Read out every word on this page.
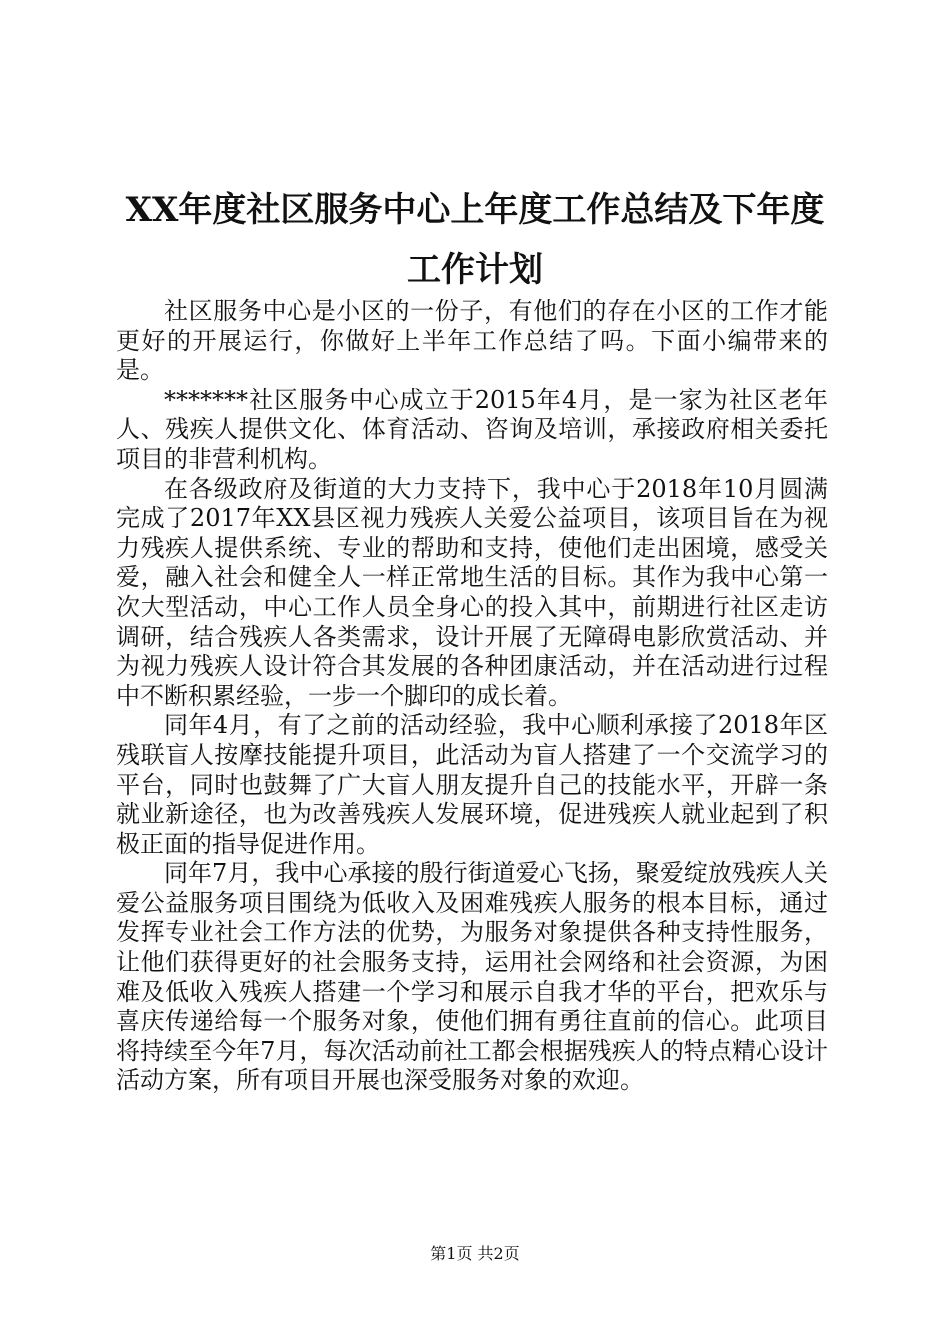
XX年度社区服务中心上年度工作总结及下年度工作计划

社区服务中心是小区的一份子，有他们的存在小区的工作才能更好的开展运行，你做好上半年工作总结了吗。下面小编带来的是。

*******社区服务中心成立于2015年4月，是一家为社区老年人、残疾人提供文化、体育活动、咨询及培训，承接政府相关委托项目的非营利机构。

在各级政府及街道的大力支持下，我中心于2018年10月圆满完成了2017年XX县区视力残疾人关爱公益项目，该项目旨在为视力残疾人提供系统、专业的帮助和支持，使他们走出困境，感受关爱，融入社会和健全人一样正常地生活的目标。其作为我中心第一次大型活动，中心工作人员全身心的投入其中，前期进行社区走访调研，结合残疾人各类需求，设计开展了无障碍电影欣赏活动、并为视力残疾人设计符合其发展的各种团康活动，并在活动进行过程中不断积累经验，一步一个脚印的成长着。

同年4月，有了之前的活动经验，我中心顺利承接了2018年区残联盲人按摩技能提升项目，此活动为盲人搭建了一个交流学习的平台，同时也鼓舞了广大盲人朋友提升自己的技能水平，开辟一条就业新途径，也为改善残疾人发展环境，促进残疾人就业起到了积极正面的指导促进作用。

同年7月，我中心承接的殷行街道爱心飞扬，聚爱绽放残疾人关爱公益服务项目围绕为低收入及困难残疾人服务的根本目标，通过发挥专业社会工作方法的优势，为服务对象提供各种支持性服务，让他们获得更好的社会服务支持，运用社会网络和社会资源，为困难及低收入残疾人搭建一个学习和展示自我才华的平台，把欢乐与喜庆传递给每一个服务对象，使他们拥有勇往直前的信心。此项目将持续至今年7月，每次活动前社工都会根据残疾人的特点精心设计活动方案，所有项目开展也深受服务对象的欢迎。

第1页 共2页
